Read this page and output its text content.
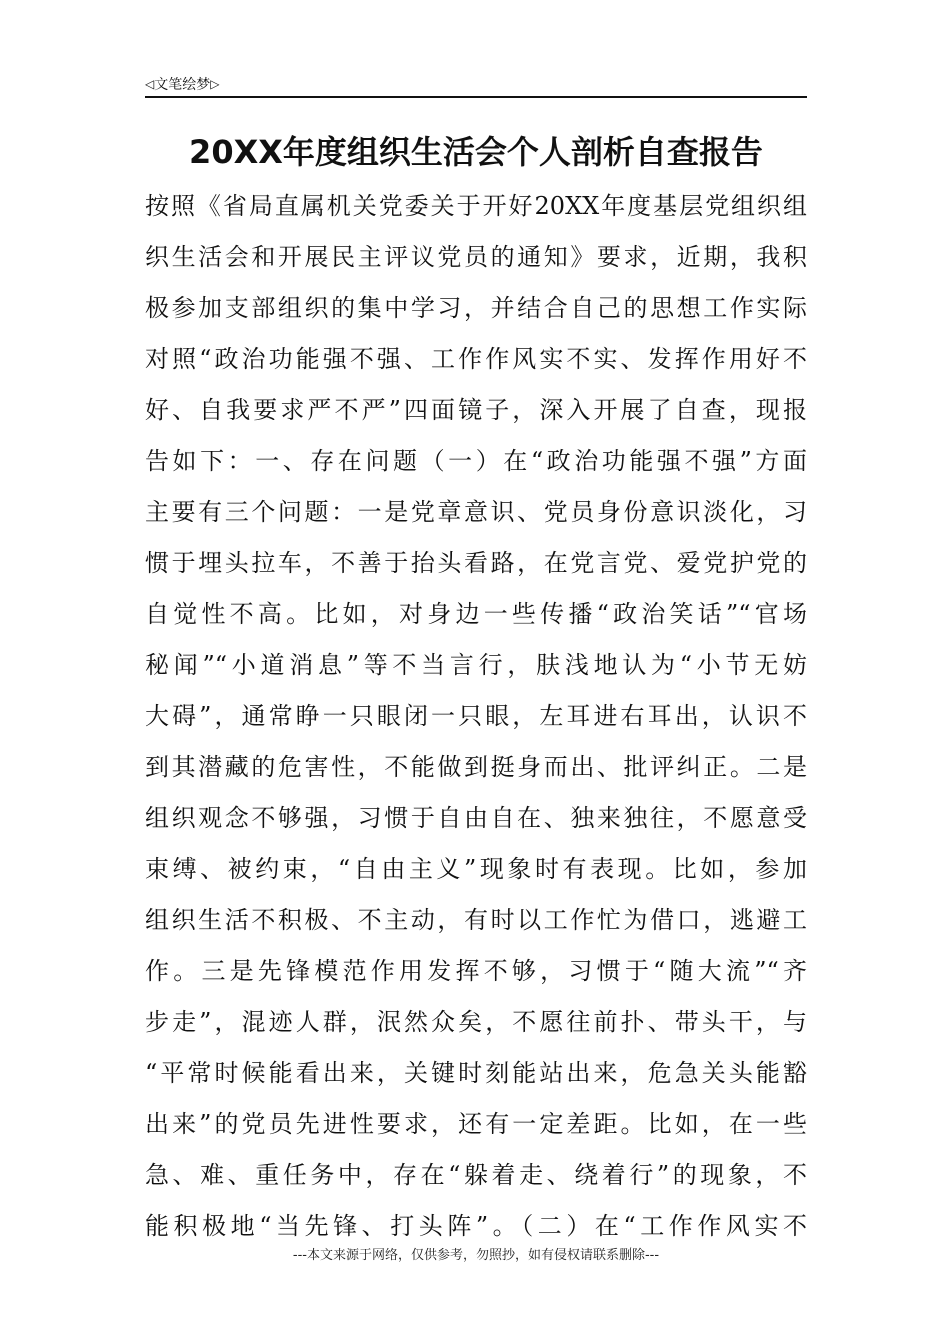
◁ 文笔绘梦 ▷
20XX年度组织生活会个人剖析自查报告
按照《省局直属机关党委关于开好20XX年度基层党组织组
织生活会和开展民主评议党员的通知》要求，近期，我积
极参加支部组织的集中学习，并结合自己的思想工作实际
对照“政治功能强不强、工作作风实不实、发挥作用好不
好、自我要求严不严”四面镜子，深入开展了自查，现报
告如下：一、存在问题（一）在“政治功能强不强”方面
主要有三个问题：一是党章意识、党员身份意识淡化，习
惯于埋头拉车，不善于抬头看路，在党言党、爱党护党的
自觉性不高。比如，对身边一些传播“政治笑话”“官场
秘闻”“小道消息”等不当言行，肤浅地认为“小节无妨
大碍”，通常睁一只眼闭一只眼，左耳进右耳出，认识不
到其潜藏的危害性，不能做到挺身而出、批评纠正。二是
组织观念不够强，习惯于自由自在、独来独往，不愿意受
束缚、被约束，“自由主义”现象时有表现。比如，参加
组织生活不积极、不主动，有时以工作忙为借口，逃避工
作。三是先锋模范作用发挥不够，习惯于“随大流”“齐
步走”，混迹人群，泯然众矣，不愿往前扑、带头干，与
“平常时候能看出来，关键时刻能站出来，危急关头能豁
出来”的党员先进性要求，还有一定差距。比如，在一些
急、难、重任务中，存在“躲着走、绕着行”的现象，不
能积极地“当先锋、打头阵”。（二）在“工作作风实不
---本文来源于网络，仅供参考，勿照抄，如有侵权请联系删除---
